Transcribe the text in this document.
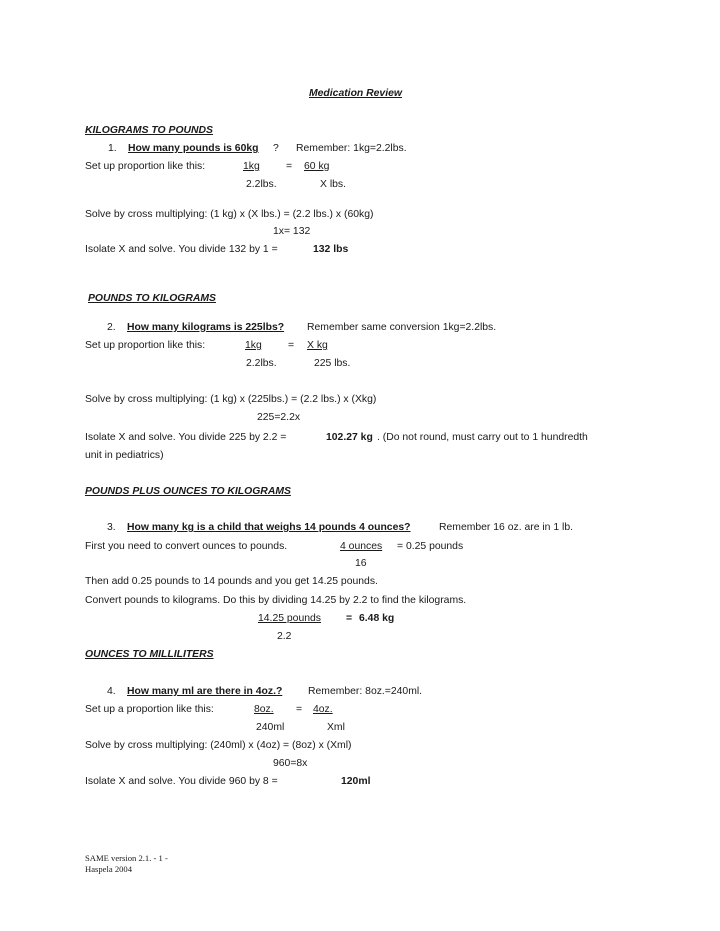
Medication Review
KILOGRAMS TO POUNDS
1. How many pounds is 60kg ? Remember: 1kg=2.2lbs.
Set up proportion like this:	1kg	= 60 kg
2.2lbs.	X lbs.
Solve by cross multiplying: (1 kg) x (X lbs.) = (2.2 lbs.) x (60kg)
1x= 132
Isolate X and solve. You divide 132 by 1 =	132 lbs
POUNDS TO KILOGRAMS
2. How many kilograms is 225lbs? Remember same conversion 1kg=2.2lbs.
Set up proportion like this:	1kg	= X kg
2.2lbs.	225 lbs.
Solve by cross multiplying: (1 kg) x (225lbs.) = (2.2 lbs.) x (Xkg)
225=2.2x
Isolate X and solve. You divide 225 by 2.2 =	102.27 kg . (Do not round, must carry out to 1 hundredth
unit in pediatrics)
POUNDS PLUS OUNCES TO KILOGRAMS
3. How many kg is a child that weighs 14 pounds 4 ounces?	Remember 16 oz. are in 1 lb.
First you need to convert ounces to pounds.	4 ounces = 0.25 pounds
16
Then add 0.25 pounds to 14 pounds and you get 14.25 pounds.
Convert pounds to kilograms. Do this by dividing 14.25 by 2.2 to find the kilograms.
14.25 pounds = 6.48 kg
2.2
OUNCES TO MILLILITERS
4. How many ml are there in 4oz.? Remember: 8oz.=240ml.
Set up a proportion like this:	8oz. = 4oz.
240ml	Xml
Solve by cross multiplying: (240ml) x (4oz) = (8oz) x (Xml)
960=8x
Isolate X and solve. You divide 960 by 8 =	120ml
SAME version 2.1. - 1 -
Haspela 2004
